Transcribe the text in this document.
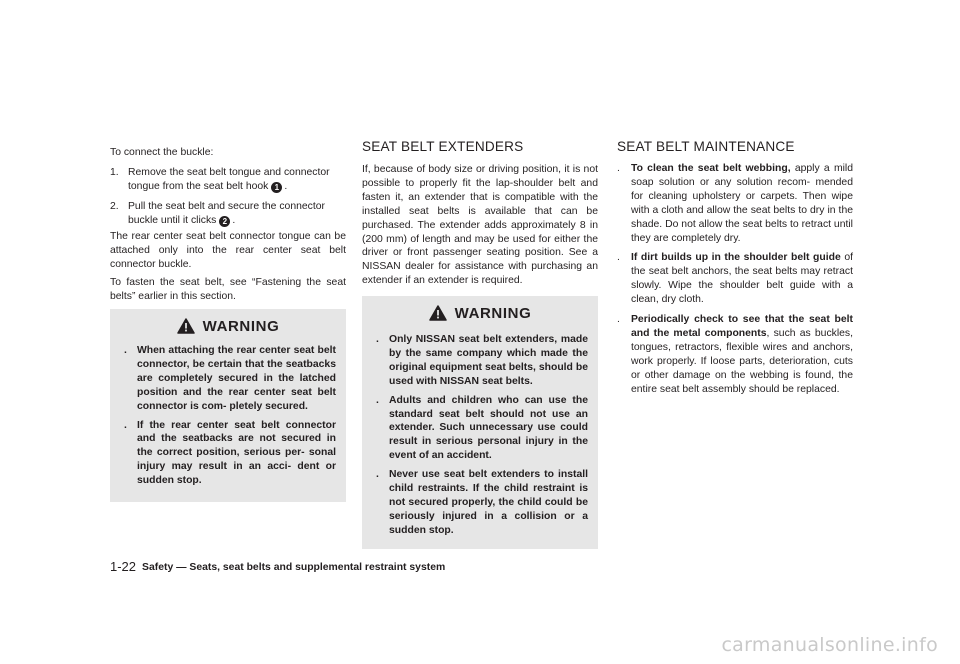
To connect the buckle:

1. Remove the seat belt tongue and connector tongue from the seat belt hook 1 .
2. Pull the seat belt and secure the connector buckle until it clicks 2 .

The rear center seat belt connector tongue can be attached only into the rear center seat belt connector buckle.

To fasten the seat belt, see “Fastening the seat belts” earlier in this section.

WARNING
. When attaching the rear center seat belt connector, be certain that the seatbacks are completely secured in the latched position and the rear center seat belt connector is com- pletely secured.
. If the rear center seat belt connector and the seatbacks are not secured in the correct position, serious per- sonal injury may result in an acci- dent or sudden stop.
SEAT BELT EXTENDERS

If, because of body size or driving position, it is not possible to properly fit the lap-shoulder belt and fasten it, an extender that is compatible with the installed seat belts is available that can be purchased. The extender adds approximately 8 in (200 mm) of length and may be used for either the driver or front passenger seating position. See a NISSAN dealer for assistance with purchasing an extender if an extender is required.

WARNING
. Only NISSAN seat belt extenders, made by the same company which made the original equipment seat belts, should be used with NISSAN seat belts.
. Adults and children who can use the standard seat belt should not use an extender. Such unnecessary use could result in serious personal injury in the event of an accident.
. Never use seat belt extenders to install child restraints. If the child restraint is not secured properly, the child could be seriously injured in a collision or a sudden stop.
SEAT BELT MAINTENANCE
. To clean the seat belt webbing, apply a mild soap solution or any solution recom- mended for cleaning upholstery or carpets. Then wipe with a cloth and allow the seat belts to dry in the shade. Do not allow the seat belts to retract until they are completely dry.
. If dirt builds up in the shoulder belt guide of the seat belt anchors, the seat belts may retract slowly. Wipe the shoulder belt guide with a clean, dry cloth.
. Periodically check to see that the seat belt and the metal components, such as buckles, tongues, retractors, flexible wires and anchors, work properly. If loose parts, deterioration, cuts or other damage on the webbing is found, the entire seat belt assembly should be replaced.
1-22 Safety — Seats, seat belts and supplemental restraint system
carmanualsonline.info
